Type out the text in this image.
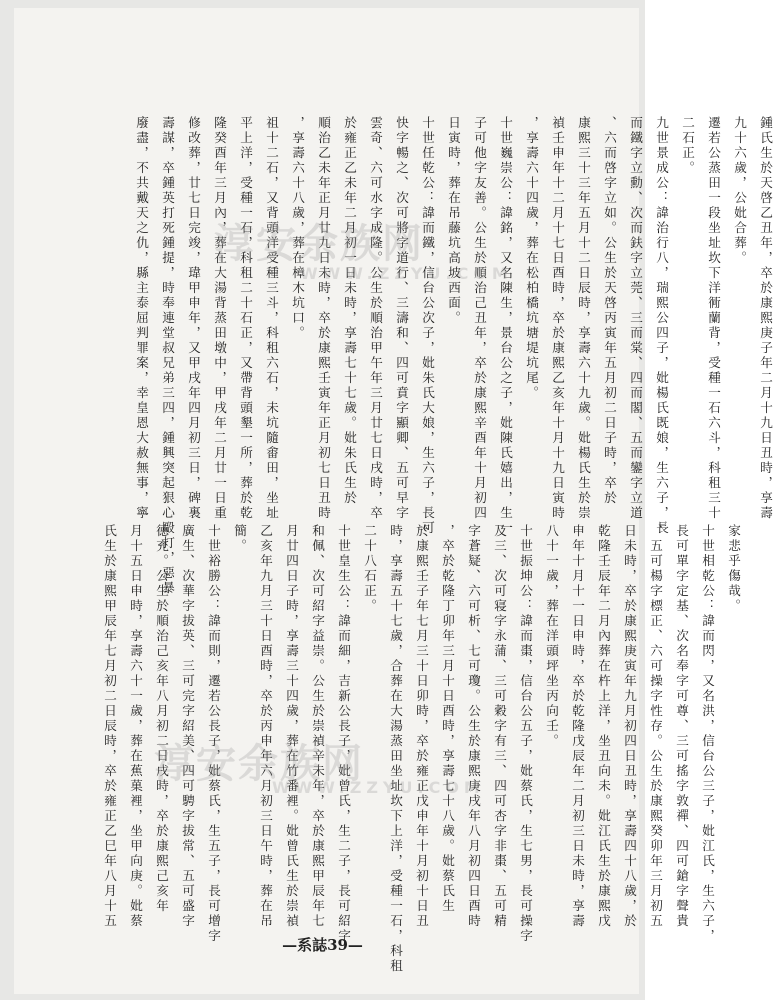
鍾氏生於天啓乙丑年，卒於康熙庚子年二月十九日丑時，享壽
九十六歲，公妣合葬。
遷若公蒸田一段坐址坎下洋衕蘭背，受種一石六斗，科租三十
二石正。
九世景成公：諱治行八，瑞熙公四子，妣楊氏既娘，生六子，長
而鐵字立勳、次而鈇字立莞、三而棠、四而閣、五而鑾字立道
、六而啓字立如。公生於天啓丙寅年五月初二日子時，卒於
康熙三十三年五月十二日辰時，享壽六十九歲。妣楊氏生於崇
禎壬申年十二月十七日酉時，卒於康熙乙亥年十月十九日寅時
，享壽六十四歲，葬在松柏橋坑塘堤坑尾。
十世巍崇公：諱銘，又名陳生，景台公之子，妣陳氏嬉出，生一
子可他字友善。公生於順治己丑年，卒於康熙辛酉年十月初四
日寅時，葬在吊藤坑高坡西面。
十世任乾公：諱而鐵，信台公次子，妣朱氏大娘，生六子，長可
快字暢之、次可將字道行、三濤和、四可賁字顯卿、五可早字
雲奇、六可水字成隆。公生於順治甲午年三月廿七日戌時，卒
於雍正乙未年二月初一日未時，享壽七十七歲。妣朱氏生於
順治乙未年正月廿九日未時，卒於康熙壬寅年正月初七日丑時
，享壽六十八歲，葬在樟木坑口。
祖十二石，又背頭洋受種三斗，科租六石，未坑隨畬田，坐址
平上洋，受種一石，科租二十石正，又帶背頭墾一所，葬於乾
隆癸酉年三月內，葬在大湯背蒸田墩中，甲戌年二月廿一日重
修改葬，廿七日完竣，瑋甲申年，又甲戌年四月初三日，碑裏
壽謀，卒鍾英打死鍾提，時奉連堂叔兄弟三四，鍾興突起狠心毆打，惡暴
廢盡，不共戴天之仇，縣主泰屈判罪案，幸皇恩大赦無事，寧
家悲乎傷哉。
十世相乾公：諱而閃，又名洪，信台公三子，妣江氏，生六子，
長可單字定基、次名奉字可尊、三可搖字敦禪、四可鎗字聲貴
、五可楊字標正、六可操字性存。公生於康熙癸卯年三月初五
日未時，卒於康熙庚寅年九月初四日丑時，享壽四十八歲，於
乾隆壬辰年二月內葬在杵上洋，坐丑向未。妣江氏生於康熙戊
申年十月十一日申時，卒於乾隆戊辰年二月初三日未時，享壽
八十一歲，葬在洋頭坪坐丙向壬。
十世振坤公：諱而棗，信台公五子，妣蔡氏，生七男，長可操字
及三、次可寝字永蒲、三可穀字有三、四可杏字非棗、五可精
字蒼疑、六可析、七可瓊。公生於康熙庚戌年八月初四日酉時
，卒於乾隆丁卯年三月十日酉時，享壽七十八歲。妣蔡氏生
於康熙壬子年七月三十日卯時，卒於雍正戊申年十月初十日丑
時，享壽五十七歲，合葬在大湯蒸田坐址坎下上洋，受種一石，科租
二十八石正。
十世皇生公：諱而細，吉新公長子，妣曾氏，生二子，長可紹字
和佩、次可紹字益崇。公生於崇禎辛未年，卒於康熙甲辰年七
月廿四日子時，享壽三十四歲，葬在竹番裡。妣曾氏生於崇禎
乙亥年九月三十日酉時，卒於丙申年六月初三日午時，葬在吊
簡。
十世裕勝公：諱而則，遷若公長子，妣蔡氏，生五子，長可增字
廣生、次華字拔英、三可完字紹美、四可騁字拔常、五可盛字
德充。公生於順治己亥年八月初二日戌時，卒於康熙己亥年
月十五日申時，享壽六十一歲，葬在蕉菓裡，坐甲向庚。妣蔡
氏生於康熙甲辰年七月初二日辰時，卒於雍正乙巳年八月十五
淳安余族网
WWW.ZZYU.COM
淳安余族网
WWW.ZZYU.COM
—系誌39—
